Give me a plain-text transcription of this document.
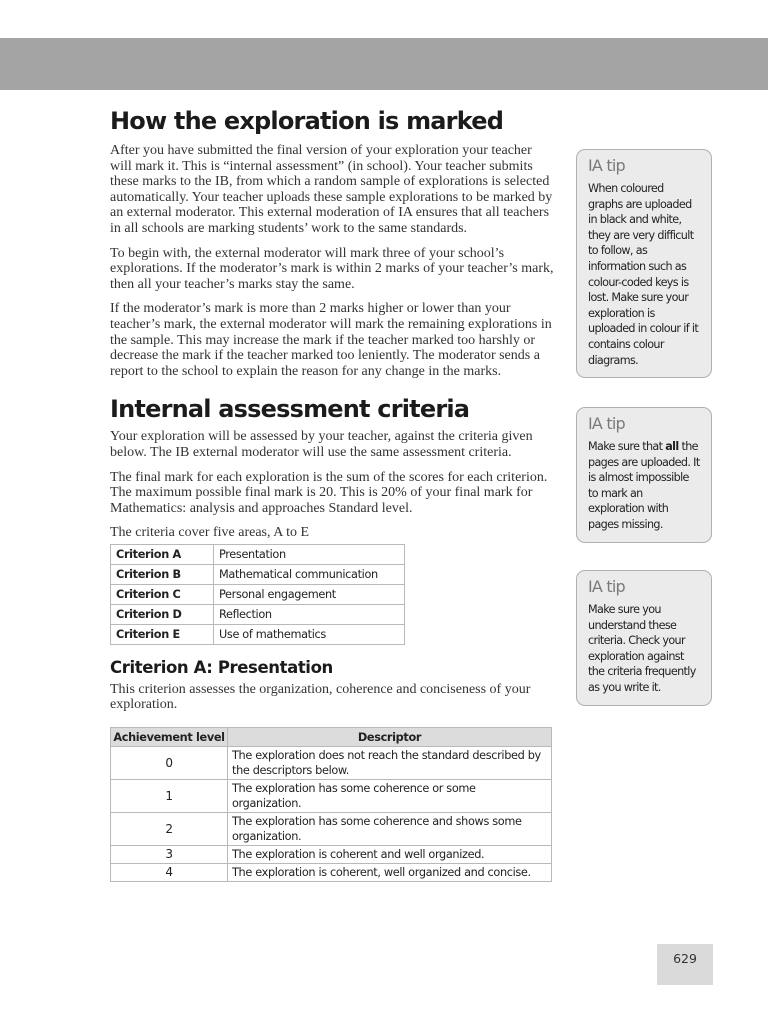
How the exploration is marked

After you have submitted the final version of your exploration your teacher will mark it. This is “internal assessment” (in school). Your teacher submits these marks to the IB, from which a random sample of explorations is selected automatically. Your teacher uploads these sample explorations to be marked by an external moderator. This external moderation of IA ensures that all teachers in all schools are marking students’ work to the same standards.

To begin with, the external moderator will mark three of your school’s explorations. If the moderator’s mark is within 2 marks of your teacher’s mark, then all your teacher’s marks stay the same.

If the moderator’s mark is more than 2 marks higher or lower than your teacher’s mark, the external moderator will mark the remaining explorations in the sample. This may increase the mark if the teacher marked too harshly or decrease the mark if the teacher marked too leniently. The moderator sends a report to the school to explain the reason for any change in the marks.

Internal assessment criteria

Your exploration will be assessed by your teacher, against the criteria given below. The IB external moderator will use the same assessment criteria.

The final mark for each exploration is the sum of the scores for each criterion. The maximum possible final mark is 20. This is 20% of your final mark for Mathematics: analysis and approaches Standard level.

The criteria cover five areas, A to E

Criterion A	Presentation
Criterion B	Mathematical communication
Criterion C	Personal engagement
Criterion D	Reflection
Criterion E	Use of mathematics
Criterion A: Presentation

This criterion assesses the organization, coherence and conciseness of your exploration.

Achievement level	Descriptor
0	The exploration does not reach the standard described by the descriptors below.
1	The exploration has some coherence or some organization.
2	The exploration has some coherence and shows some organization.
3	The exploration is coherent and well organized.
4	The exploration is coherent, well organized and concise.
IA tip
When coloured graphs are uploaded in black and white, they are very difficult to follow, as information such as colour-coded keys is lost. Make sure your exploration is uploaded in colour if it contains colour diagrams.
IA tip
Make sure that all the pages are uploaded. It is almost impossible to mark an exploration with pages missing.
IA tip
Make sure you understand these criteria. Check your exploration against the criteria frequently as you write it.
629
